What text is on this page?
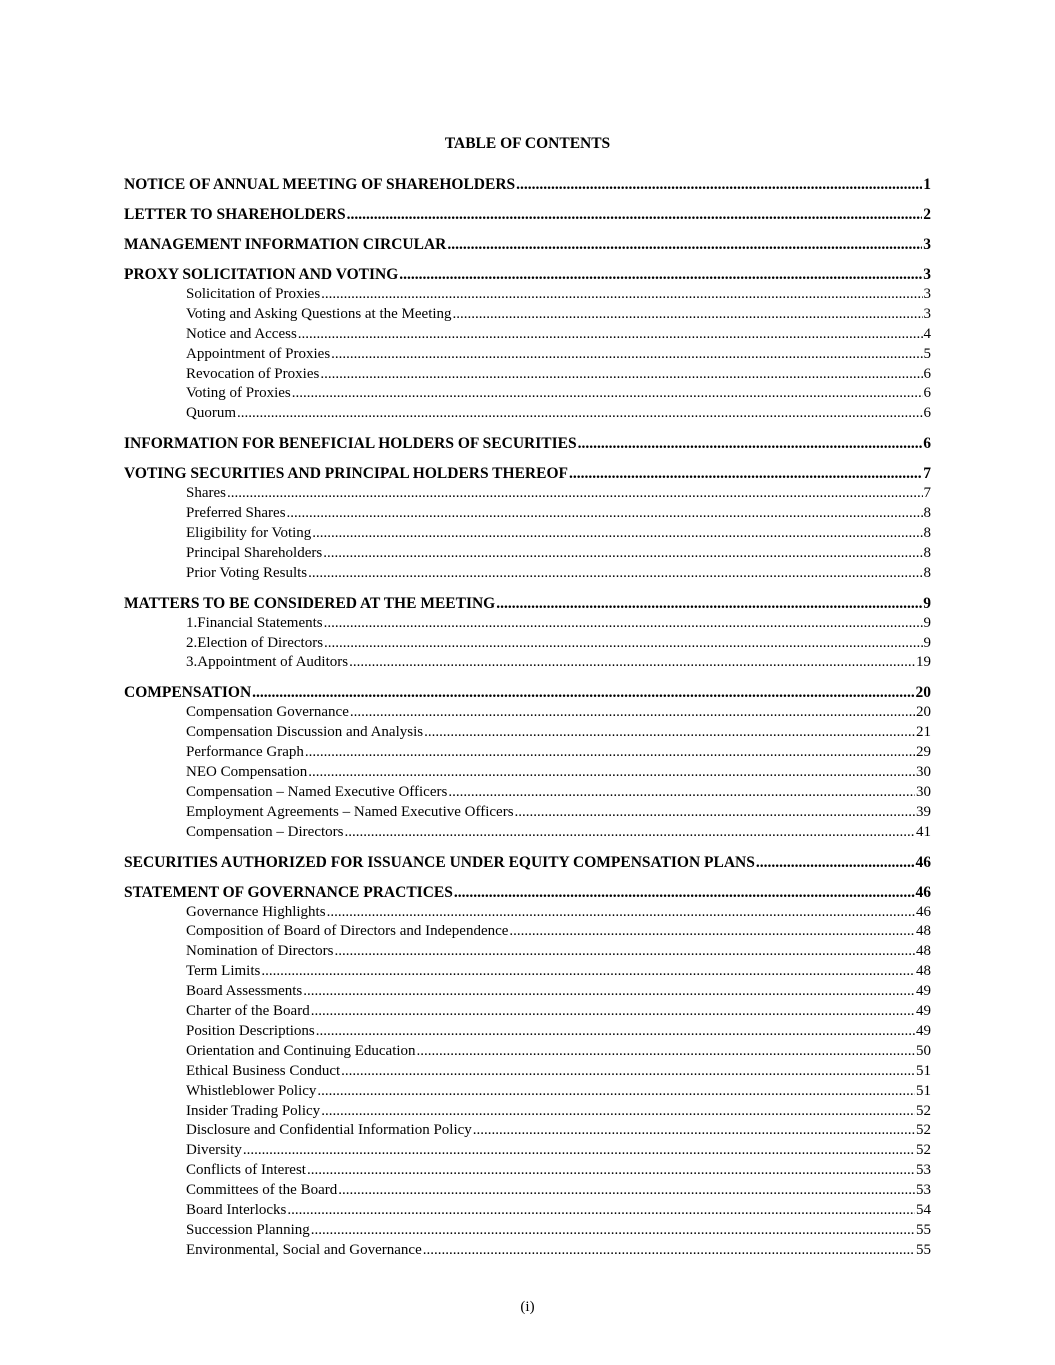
TABLE OF CONTENTS
NOTICE OF ANNUAL MEETING OF SHAREHOLDERS .....	1
LETTER TO SHAREHOLDERS .....	2
MANAGEMENT INFORMATION CIRCULAR .....	3
PROXY SOLICITATION AND VOTING .....	3
Solicitation of Proxies .....	3
Voting and Asking Questions at the Meeting .....	3
Notice and Access .....	4
Appointment of Proxies .....	5
Revocation of Proxies .....	6
Voting of Proxies .....	6
Quorum .....	6
INFORMATION FOR BENEFICIAL HOLDERS OF SECURITIES .....	6
VOTING SECURITIES AND PRINCIPAL HOLDERS THEREOF .....	7
Shares .....	7
Preferred Shares .....	8
Eligibility for Voting .....	8
Principal Shareholders .....	8
Prior Voting Results .....	8
MATTERS TO BE CONSIDERED AT THE MEETING .....	9
1.Financial Statements .....	9
2.Election of Directors .....	9
3.Appointment of Auditors .....	19
COMPENSATION .....	20
Compensation Governance .....	20
Compensation Discussion and Analysis .....	21
Performance Graph .....	29
NEO Compensation .....	30
Compensation – Named Executive Officers .....	30
Employment Agreements – Named Executive Officers .....	39
Compensation – Directors .....	41
SECURITIES AUTHORIZED FOR ISSUANCE UNDER EQUITY COMPENSATION PLANS .....	46
STATEMENT OF GOVERNANCE PRACTICES .....	46
Governance Highlights .....	46
Composition of Board of Directors and Independence .....	48
Nomination of Directors .....	48
Term Limits .....	48
Board Assessments .....	49
Charter of the Board .....	49
Position Descriptions .....	49
Orientation and Continuing Education .....	50
Ethical Business Conduct .....	51
Whistleblower Policy .....	51
Insider Trading Policy .....	52
Disclosure and Confidential Information Policy .....	52
Diversity .....	52
Conflicts of Interest .....	53
Committees of the Board .....	53
Board Interlocks .....	54
Succession Planning .....	55
Environmental, Social and Governance .....	55
(i)
